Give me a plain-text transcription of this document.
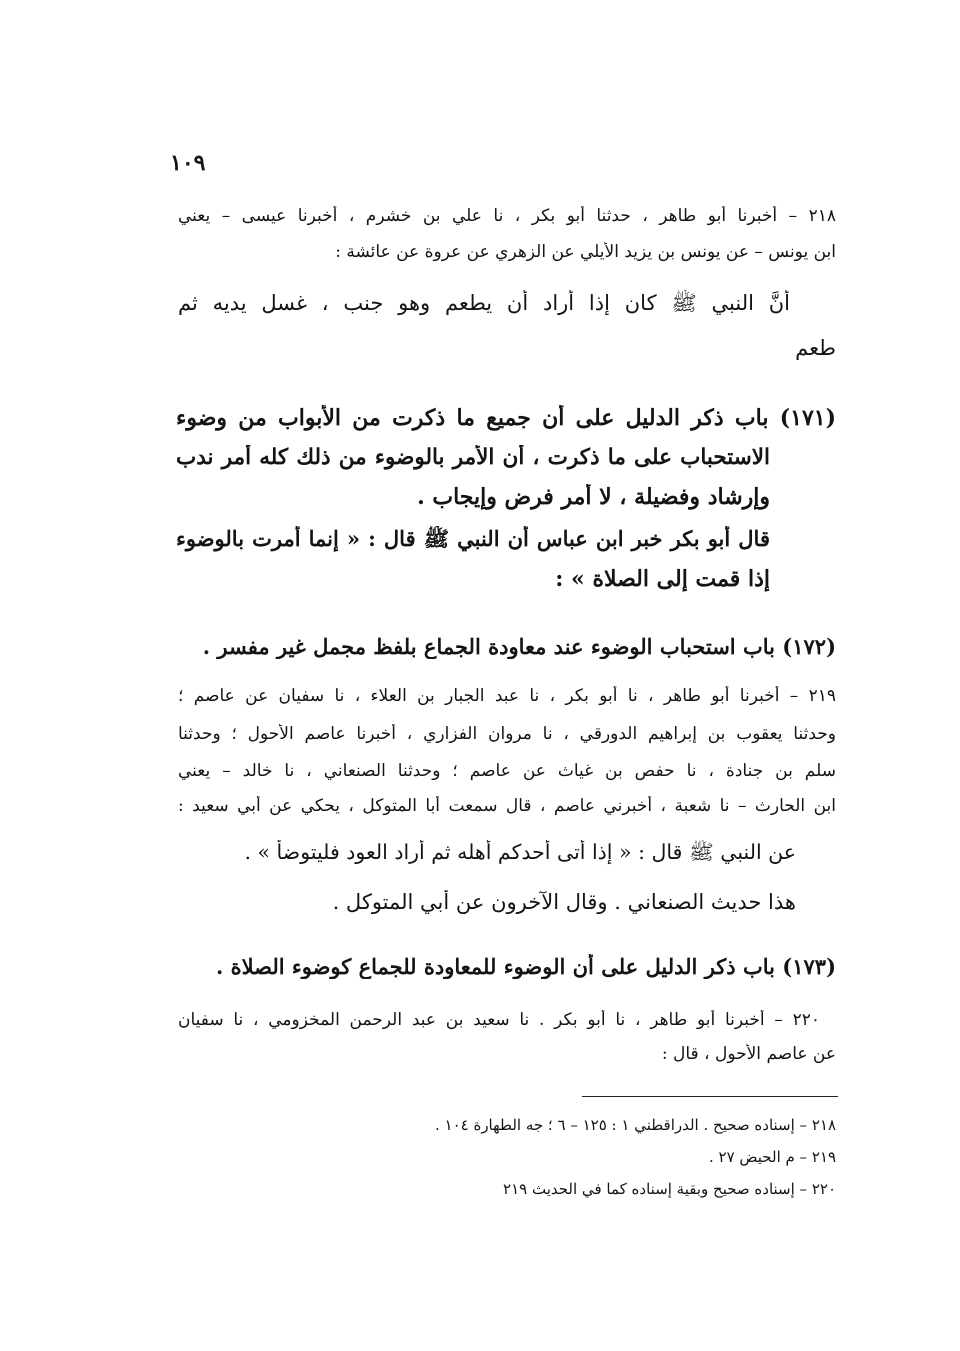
١٠٩
٢١٨ – أخبرنا أبو طاهر ، حدثنا أبو بكر ، نا علي بن خشرم ، أخبرنا عيسى – يعني
ابن يونس – عن يونس بن يزيد الأيلي عن الزهري عن عروة عن عائشة :
أنَّ النبي ﷺ كان إذا أراد أن يطعم وهو جنب ، غسل يديه ثم
طعم
(١٧١) باب ذكر الدليل على أن جميع ما ذكرت من الأبواب من وضوء
الاستحباب على ما ذكرت ، أن الأمر بالوضوء من ذلك كله أمر ندب
وإرشاد وفضيلة ، لا أمر فرض وإيجاب .
قال أبو بكر خبر ابن عباس أن النبي ﷺ قال : « إنما أمرت بالوضوء
إذا قمت إلى الصلاة » :
(١٧٢) باب استحباب الوضوء عند معاودة الجماع بلفظ مجمل غير مفسر .
٢١٩ – أخبرنا أبو طاهر ، نا أبو بكر ، نا عبد الجبار بن العلاء ، نا سفيان عن عاصم ؛
وحدثنا يعقوب بن إبراهيم الدورقي ، نا مروان الفزاري ، أخبرنا عاصم الأحول ؛ وحدثنا
سلم بن جنادة ، نا حفص بن غياث عن عاصم ؛ وحدثنا الصنعاني ، نا خالد – يعني
ابن الحارث – نا شعبة ، أخبرني عاصم ، قال سمعت أبا المتوكل ، يحكي عن أبي سعيد :
عن النبي ﷺ قال : « إذا أتى أحدكم أهله ثم أراد العود فليتوضأ » .
هذا حديث الصنعاني . وقال الآخرون عن أبي المتوكل .
(١٧٣) باب ذكر الدليل على أن الوضوء للمعاودة للجماع كوضوء الصلاة .
٢٢٠ – أخبرنا أبو طاهر ، نا أبو بكر . نا سعيد بن عبد الرحمن المخزومي ، نا سفيان
عن عاصم الأحول ، قال :
٢١٨ – إسناده صحيح . الدراقطني ١ : ١٢٥ – ٦ ؛ جه الطهارة ١٠٤ .
٢١٩ – م الحيض ٢٧ .
٢٢٠ – إسناده صحيح وبقية إسناده كما في الحديث ٢١٩
